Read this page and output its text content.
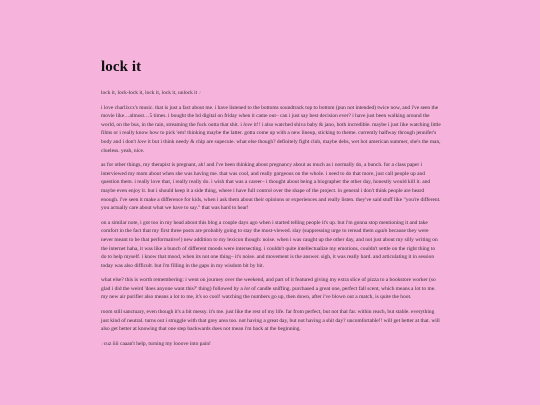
lock it

lock it, lock-lock it, lock it, lock it, unlock it ♪

i love charlixcx's music. that is just a fact about me. i have listened to the bottoms soundtrack top to bottom (pun not intended) twice now, and i've seen the movie like…almost…5 times. i bought the hd digital on friday when it came out– can i just say best decision ever? i have just been walking around the world, on the bus, in the rain, streaming the fuck outta that shit. i love it!! i also watched shiva baby & jano, both incredible. maybe i just like watching little films or i really know how to pick 'em! thinking maybe the latter. gotta come up with a new lineup, sticking to theme. currently halfway through jennifer's body and i don't love it but i think needy & chip are supecute. what else though? definitely fight club, maybe debs, wet hot american summer, she's the man, clueless. yeah, nice.

as for other things, my therapist is pregnant, ah! and i've been thinking about pregnancy about as much as i normally do, a bunch. for a class paper i interviewed my mom about when she was having me. that was cool, and really gorgeous on the whole. i need to do that more, just call people up and question them. i really love that, i really really do. i wish that was a career– i thought about being a biographer the other day, honestly would kill it. and maybe even enjoy it. but i should keep it a side thing, where i have full control over the shape of the project. in general i don't think people are heard enough. i've seen it make a difference for kids, when i ask them about their opinions or experiences and really listen. they've said stuff like "you're different. you actually care about what we have to say." that was hard to hear!

on a similar note, i got too in my head about this blog a couple days ago when i started telling people it's up. but i'm gonna stop mentioning it and take comfort in the fact that my first three posts are probably going to stay the most-viewed. slay (suppressing urge to reread them again because they were never meant to be that performative!) new addition to my lexicon though: noise. when i was caught up the other day, and not just about my silly writing on the internet haha, it was like a bunch of different moods were intersecting. i couldn't quite intellectualize my emotions, couldn't settle on the right thing to do to help myself. i know that mood, when its not one thing– it's noise. and movement is the answer. sigh, it was really hard. and articulating it in session today was also difficult. but i'm filling in the gaps in my wisdom bit by bit.

what else? this is worth remembering: i went on journey over the weekend, and part of it featured giving my extra slice of pizza to a bookstore worker (so glad i did the weird 'does anyone want this?' thing) followed by a lot of candle sniffing. purchased a great one, perfect fall scent, which means a lot to me. my new air purifier also means a lot to me, it's so cool! watching the numbers go up, then down, after i've blown out a match, is quite the hoot.

room still sanctuary, even though it's a bit messy. it's me. just like the rest of my life. far from perfect, but not that far. within reach, but stable. everything just kind of neutral. turns out i struggle with that grey area too. not having a great day, but not having a shit day? uncomfortable!! will get better at that. will also get better at knowing that one step backwards does not mean i'm back at the beginning.

♪cuz iiii caaan't help, turning my looove into pain!
